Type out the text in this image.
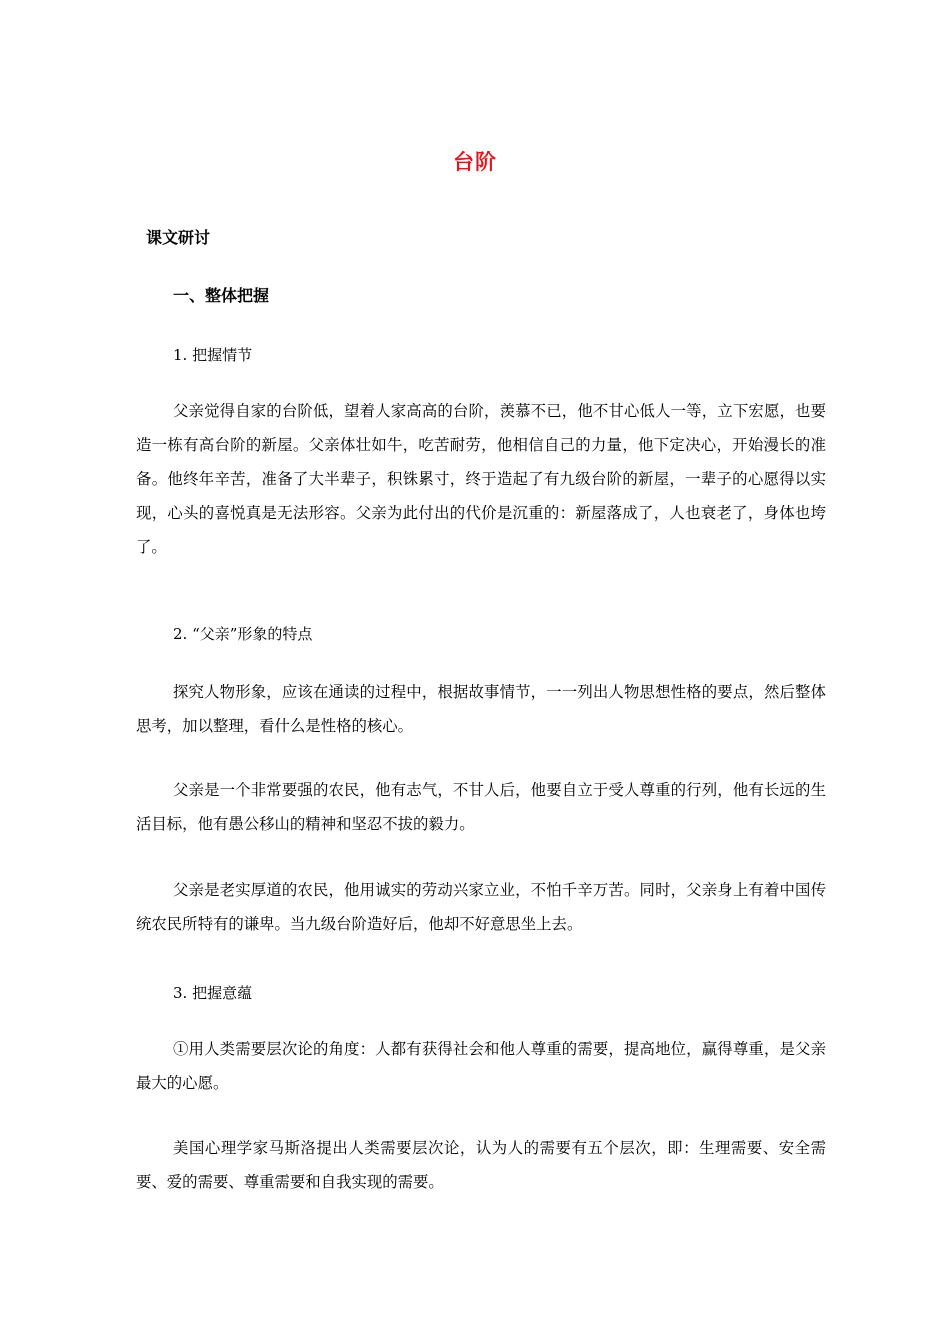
台阶
课文研讨
一、整体把握
1. 把握情节
父亲觉得自家的台阶低，望着人家高高的台阶，羡慕不已，他不甘心低人一等，立下宏愿，也要造一栋有高台阶的新屋。父亲体壮如牛，吃苦耐劳，他相信自己的力量，他下定决心，开始漫长的准备。他终年辛苦，准备了大半辈子，积铢累寸，终于造起了有九级台阶的新屋，一辈子的心愿得以实现，心头的喜悦真是无法形容。父亲为此付出的代价是沉重的：新屋落成了，人也衰老了，身体也垮了。
2. “父亲”形象的特点
探究人物形象，应该在通读的过程中，根据故事情节，一一列出人物思想性格的要点，然后整体思考，加以整理，看什么是性格的核心。
父亲是一个非常要强的农民，他有志气，不甘人后，他要自立于受人尊重的行列，他有长远的生活目标，他有愚公移山的精神和坚忍不拔的毅力。
父亲是老实厚道的农民，他用诚实的劳动兴家立业，不怕千辛万苦。同时，父亲身上有着中国传统农民所特有的谦卑。当九级台阶造好后，他却不好意思坐上去。
3. 把握意蕴
①用人类需要层次论的角度：人都有获得社会和他人尊重的需要，提高地位，赢得尊重，是父亲最大的心愿。
美国心理学家马斯洛提出人类需要层次论，认为人的需要有五个层次，即：生理需要、安全需要、爱的需要、尊重需要和自我实现的需要。
